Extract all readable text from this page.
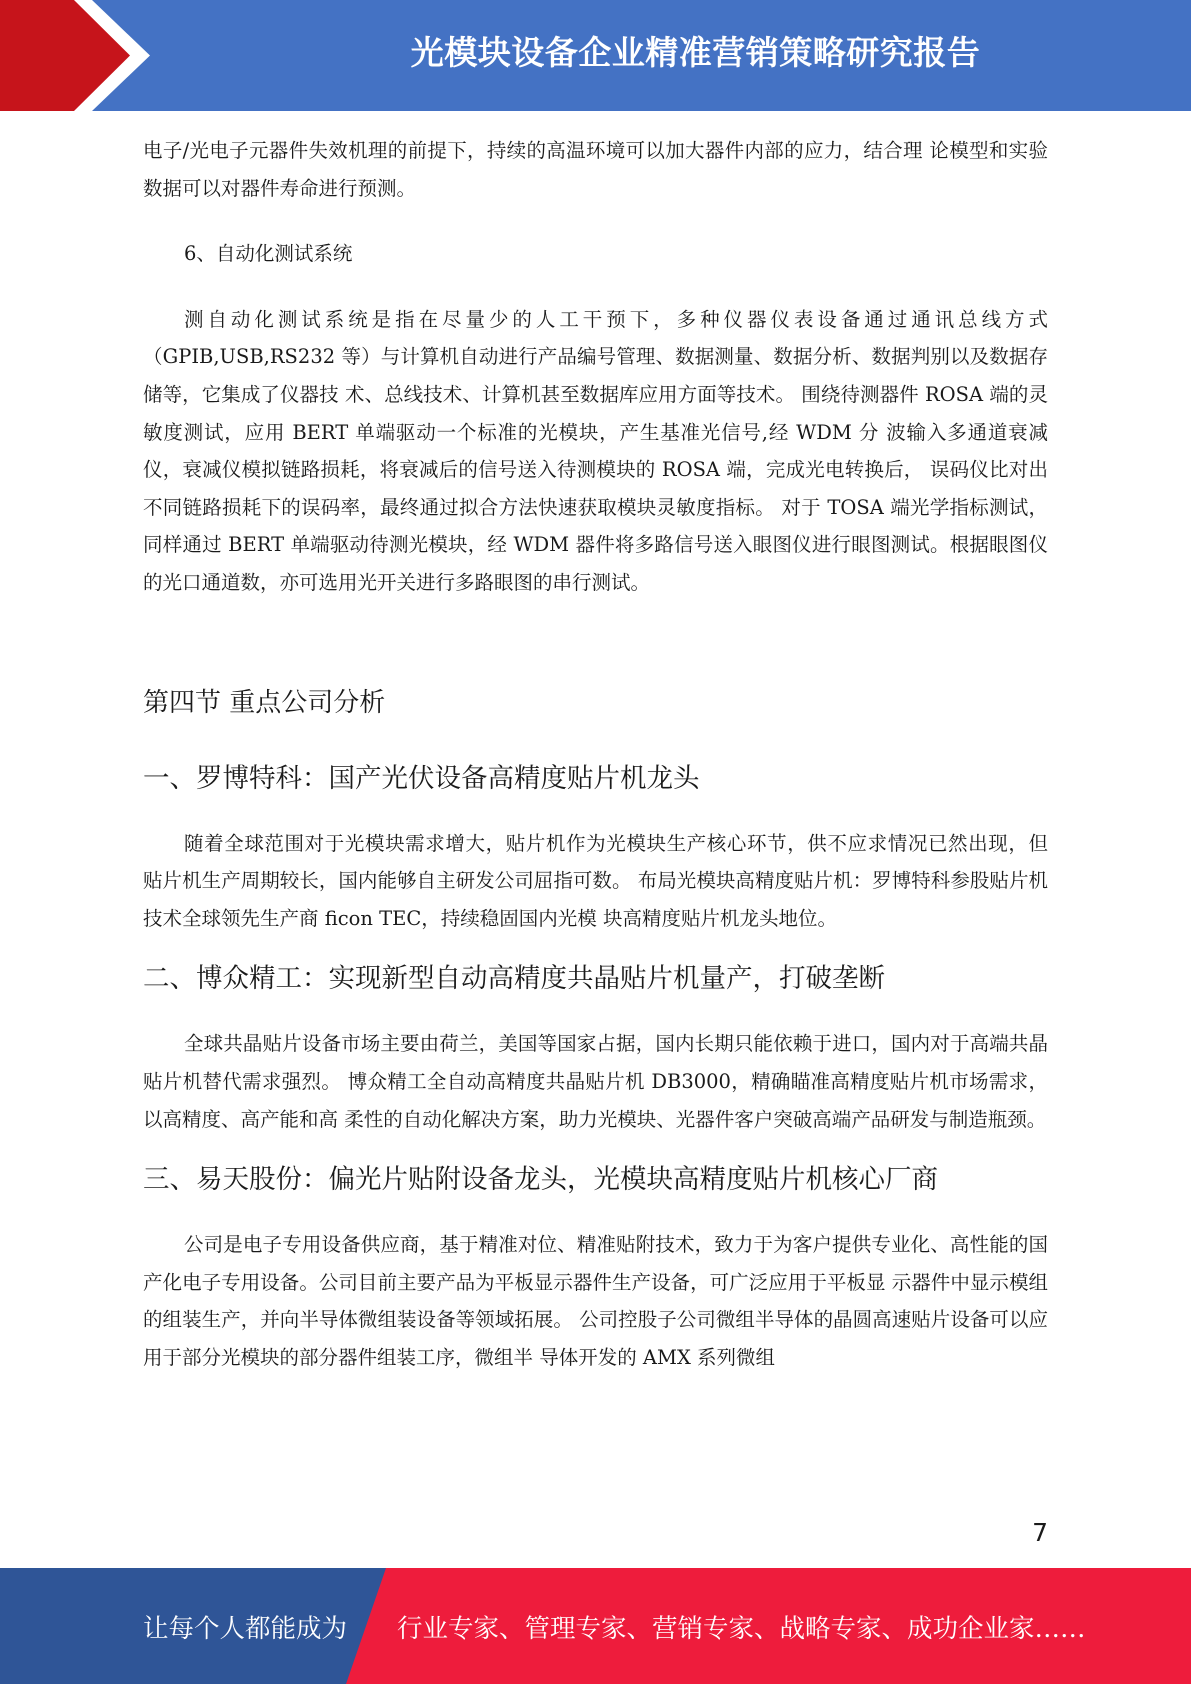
光模块设备企业精准营销策略研究报告

电子/光电子元器件失效机理的前提下，持续的高温环境可以加大器件内部的应力，结合理 论模型和实验数据可以对器件寿命进行预测。

6、自动化测试系统

测自动化测试系统是指在尽量少的人工干预下，多种仪器仪表设备通过通讯总线方式（GPIB,USB,RS232 等）与计算机自动进行产品编号管理、数据测量、数据分析、数据判别以及数据存储等，它集成了仪器技 术、总线技术、计算机甚至数据库应用方面等技术。 围绕待测器件 ROSA 端的灵敏度测试，应用 BERT 单端驱动一个标准的光模块，产生基准光信号,经 WDM 分 波输入多通道衰减仪，衰减仪模拟链路损耗，将衰减后的信号送入待测模块的 ROSA 端，完成光电转换后， 误码仪比对出不同链路损耗下的误码率，最终通过拟合方法快速获取模块灵敏度指标。 对于 TOSA 端光学指标测试，同样通过 BERT 单端驱动待测光模块，经 WDM 器件将多路信号送入眼图仪进行眼图测试。根据眼图仪的光口通道数，亦可选用光开关进行多路眼图的串行测试。

第四节 重点公司分析
一、罗博特科：国产光伏设备高精度贴片机龙头

随着全球范围对于光模块需求增大，贴片机作为光模块生产核心环节，供不应求情况已然出现，但 贴片机生产周期较长，国内能够自主研发公司屈指可数。 布局光模块高精度贴片机：罗博特科参股贴片机技术全球领先生产商 ficon TEC，持续稳固国内光模 块高精度贴片机龙头地位。

二、博众精工：实现新型自动高精度共晶贴片机量产，打破垄断

全球共晶贴片设备市场主要由荷兰，美国等国家占据，国内长期只能依赖于进口，国内对于高端共晶 贴片机替代需求强烈。 博众精工全自动高精度共晶贴片机 DB3000，精确瞄准高精度贴片机市场需求，以高精度、高产能和高 柔性的自动化解决方案，助力光模块、光器件客户突破高端产品研发与制造瓶颈。

三、易天股份：偏光片贴附设备龙头，光模块高精度贴片机核心厂商

公司是电子专用设备供应商，基于精准对位、精准贴附技术，致力于为客户提供专业化、高性能的国产化电子专用设备。公司目前主要产品为平板显示器件生产设备，可广泛应用于平板显 示器件中显示模组的组装生产，并向半导体微组装设备等领域拓展。 公司控股子公司微组半导体的晶圆高速贴片设备可以应用于部分光模块的部分器件组装工序，微组半 导体开发的 AMX 系列微组

7
让每个人都能成为 行业专家、管理专家、营销专家、战略专家、成功企业家……
